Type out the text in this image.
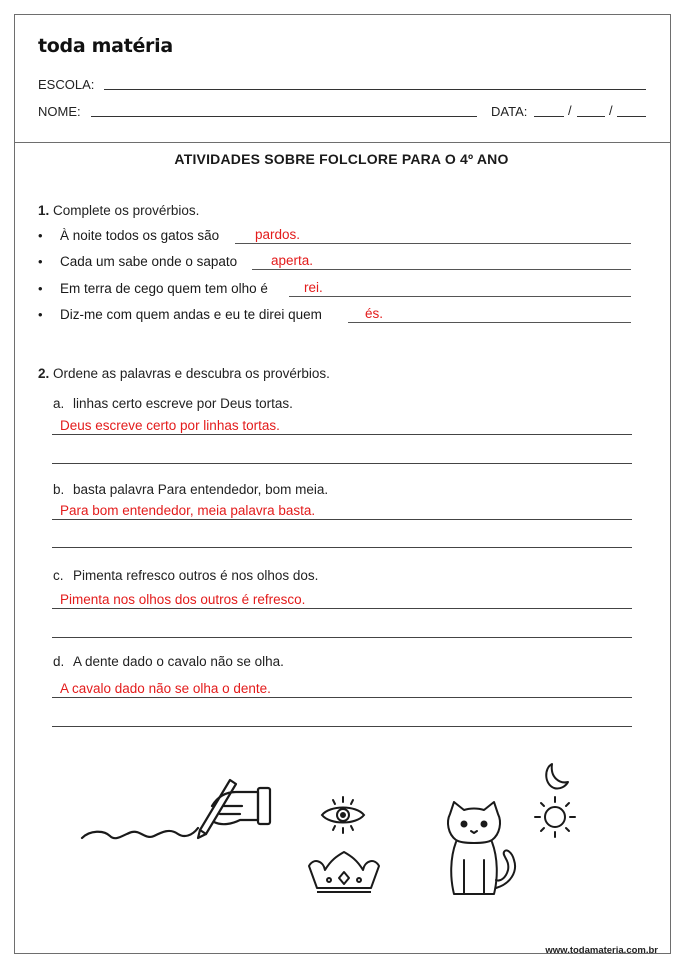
toda matéria
ESCOLA:
NOME:	DATA:	/	/
ATIVIDADES SOBRE FOLCLORE PARA O 4º ANO
1. Complete os provérbios.
• À noite todos os gatos são	pardos.
• Cada um sabe onde o sapato	aperta.
• Em terra de cego quem tem olho é	rei.
• Diz-me com quem andas e eu te direi quem	és.
2. Ordene as palavras e descubra os provérbios.
a. linhas certo escreve por Deus tortas.
Deus escreve certo por linhas tortas.
b. basta palavra Para entendedor, bom meia.
Para bom entendedor, meia palavra basta.
c. Pimenta refresco outros é nos olhos dos.
Pimenta nos olhos dos outros é refresco.
d. A dente dado o cavalo não se olha.
A cavalo dado não se olha o dente.
www.todamateria.com.br
